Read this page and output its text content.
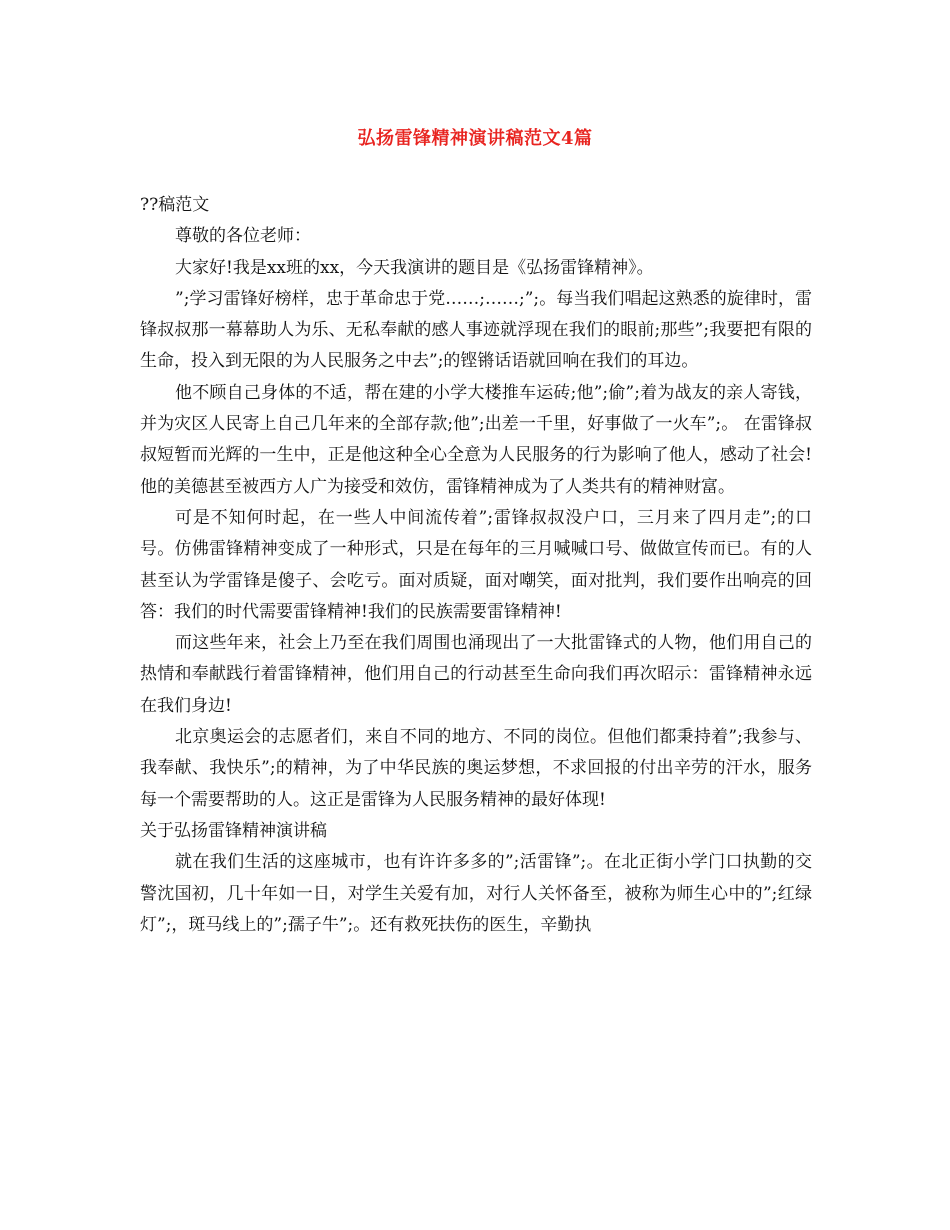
弘扬雷锋精神演讲稿范文4篇

??稿范文

尊敬的各位老师：

大家好!我是xx班的xx，今天我演讲的题目是《弘扬雷锋精神》。

”;学习雷锋好榜样，忠于革命忠于党……;……;”;。每当我们唱起这熟悉的旋律时，雷锋叔叔那一幕幕助人为乐、无私奉献的感人事迹就浮现在我们的眼前;那些”;我要把有限的生命，投入到无限的为人民服务之中去”;的铿锵话语就回响在我们的耳边。

他不顾自己身体的不适，帮在建的小学大楼推车运砖;他”;偷”;着为战友的亲人寄钱，并为灾区人民寄上自己几年来的全部存款;他”;出差一千里，好事做了一火车”;。 在雷锋叔叔短暂而光辉的一生中，正是他这种全心全意为人民服务的行为影响了他人，感动了社会!他的美德甚至被西方人广为接受和效仿，雷锋精神成为了人类共有的精神财富。

可是不知何时起，在一些人中间流传着”;雷锋叔叔没户口，三月来了四月走”;的口号。仿佛雷锋精神变成了一种形式，只是在每年的三月喊喊口号、做做宣传而已。有的人甚至认为学雷锋是傻子、会吃亏。面对质疑，面对嘲笑，面对批判，我们要作出响亮的回答：我们的时代需要雷锋精神!我们的民族需要雷锋精神!

而这些年来，社会上乃至在我们周围也涌现出了一大批雷锋式的人物，他们用自己的热情和奉献践行着雷锋精神，他们用自己的行动甚至生命向我们再次昭示：雷锋精神永远在我们身边!

北京奥运会的志愿者们，来自不同的地方、不同的岗位。但他们都秉持着”;我参与、我奉献、我快乐”;的精神，为了中华民族的奥运梦想，不求回报的付出辛劳的汗水，服务每一个需要帮助的人。这正是雷锋为人民服务精神的最好体现!

关于弘扬雷锋精神演讲稿

就在我们生活的这座城市，也有许许多多的”;活雷锋”;。在北正街小学门口执勤的交警沈国初，几十年如一日，对学生关爱有加，对行人关怀备至，被称为师生心中的”;红绿灯”;，斑马线上的”;孺子牛”;。还有救死扶伤的医生，辛勤执
